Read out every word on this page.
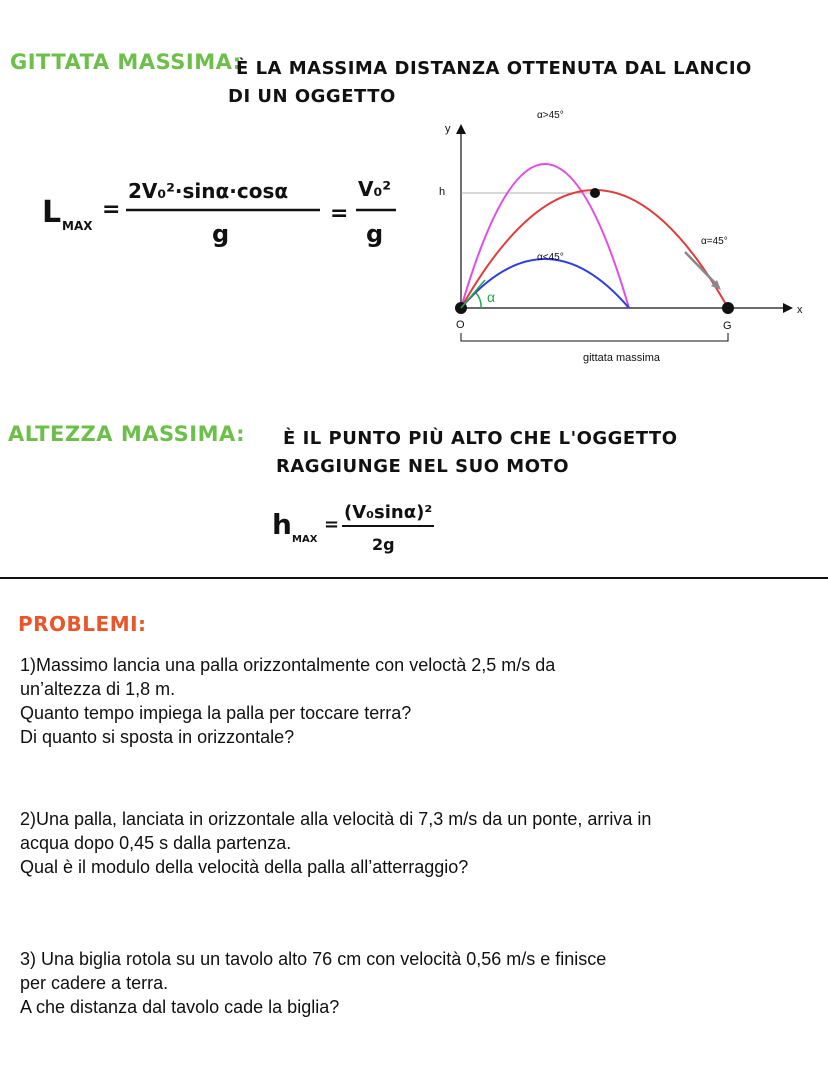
GITTATA MASSIMA:
È LA MASSIMA DISTANZA OTTENUTA DAL LANCIO
DI UN OGGETTO
L MAX
=
2V₀²·sinα·cosα
g
=
V₀²
g
y
x
h
α
α>45°
α=45°
α<45°
O	G
gittata massima
ALTEZZA MASSIMA: È IL PUNTO PIÙ ALTO CHE L'OGGETTO
RAGGIUNGE NEL SUO MOTO
h MAX
=
(V₀sinα)²
2g
PROBLEMI:
1)Massimo lancia una palla orizzontalmente con veloctà 2,5 m/s da
un’altezza di 1,8 m.
Quanto tempo impiega la palla per toccare terra?
Di quanto si sposta in orizzontale?
2)Una palla, lanciata in orizzontale alla velocità di 7,3 m/s da un ponte, arriva in
acqua dopo 0,45 s dalla partenza.
Qual è il modulo della velocità della palla all’atterraggio?
3) Una biglia rotola su un tavolo alto 76 cm con velocità 0,56 m/s e finisce
per cadere a terra.
A che distanza dal tavolo cade la biglia?
